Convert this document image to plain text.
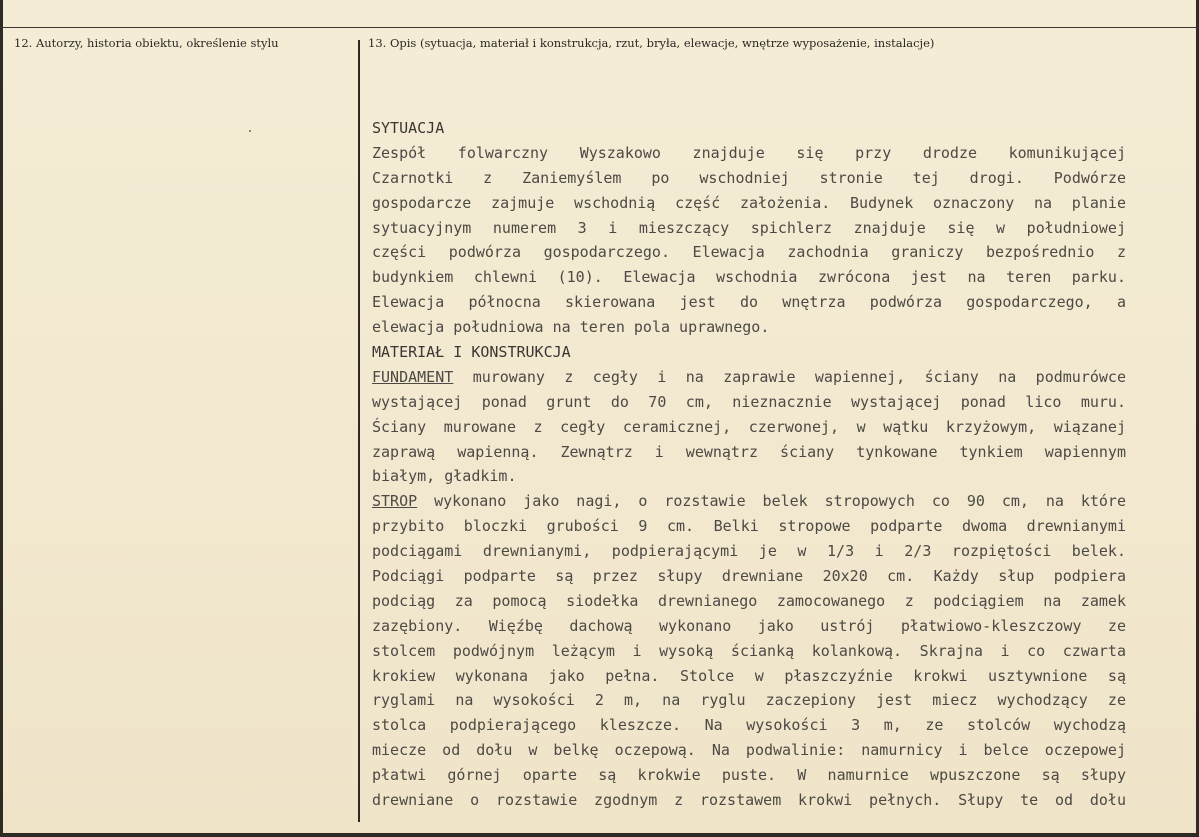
12. Autorzy, historia obiektu, określenie stylu	13. Opis (sytuacja, materiał i konstrukcja, rzut, bryła, elewacje, wnętrze wyposażenie, instalacje)
SYTUACJA
Zespół folwarczny Wyszakowo znajduje się przy drodze komunikującej
Czarnotki z Zaniemyślem po wschodniej stronie tej drogi. Podwórze
gospodarcze zajmuje wschodnią część założenia. Budynek oznaczony na planie
sytuacyjnym numerem 3 i mieszczący spichlerz znajduje się w południowej
części podwórza gospodarczego. Elewacja zachodnia graniczy bezpośrednio z
budynkiem chlewni (10). Elewacja wschodnia zwrócona jest na teren parku.
Elewacja północna skierowana jest do wnętrza podwórza gospodarczego, a
elewacja południowa na teren pola uprawnego.
MATERIAŁ I KONSTRUKCJA
FUNDAMENT murowany z cegły i na zaprawie wapiennej, ściany na podmurówce
wystającej ponad grunt do 70 cm, nieznacznie wystającej ponad lico muru.
Ściany murowane z cegły ceramicznej, czerwonej, w wątku krzyżowym, wiązanej
zaprawą wapienną. Zewnątrz i wewnątrz ściany tynkowane tynkiem wapiennym
białym, gładkim.
STROP wykonano jako nagi, o rozstawie belek stropowych co 90 cm, na które
przybito bloczki grubości 9 cm. Belki stropowe podparte dwoma drewnianymi
podciągami drewnianymi, podpierającymi je w 1/3 i 2/3 rozpiętości belek.
Podciągi podparte są przez słupy drewniane 20x20 cm. Każdy słup podpiera
podciąg za pomocą siodełka drewnianego zamocowanego z podciągiem na zamek
zazębiony. Więźbę dachową wykonano jako ustrój płatwiowo-kleszczowy ze
stolcem podwójnym leżącym i wysoką ścianką kolankową. Skrajna i co czwarta
krokiew wykonana jako pełna. Stolce w płaszczyźnie krokwi usztywnione są
ryglami na wysokości 2 m, na ryglu zaczepiony jest miecz wychodzący ze
stolca podpierającego kleszcze. Na wysokości 3 m, ze stolców wychodzą
miecze od dołu w belkę oczepową. Na podwalinie: namurnicy i belce oczepowej
płatwi górnej oparte są krokwie puste. W namurnice wpuszczone są słupy
drewniane o rozstawie zgodnym z rozstawem krokwi pełnych. Słupy te od dołu
